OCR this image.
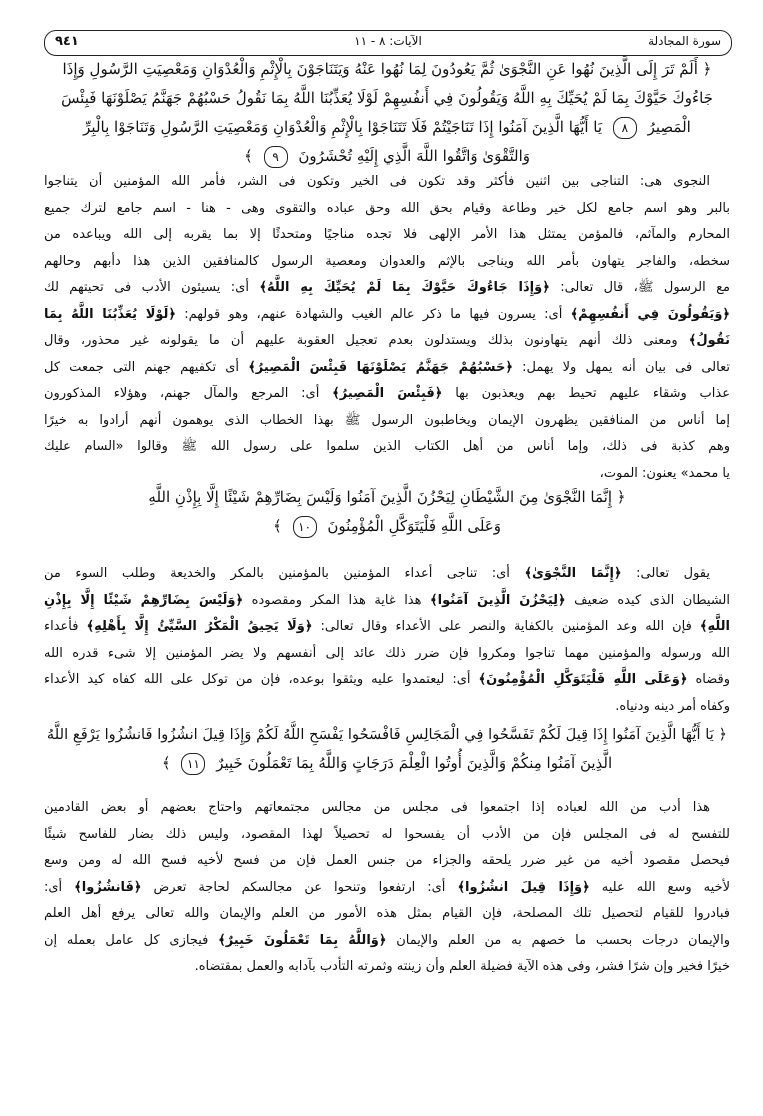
سورة المجادلة
الآيات: ٨ - ١١
٩٤١
﴿ أَلَمْ تَرَ إِلَى الَّذِينَ نُهُوا عَنِ النَّجْوَىٰ ثُمَّ يَعُودُونَ لِمَا نُهُوا عَنْهُ وَيَتَنَاجَوْنَ بِالْإِثْمِ وَالْعُدْوَانِ وَمَعْصِيَتِ الرَّسُولِ وَإِذَا
جَاءُوكَ حَيَّوْكَ بِمَا لَمْ يُحَيِّكَ بِهِ اللَّهُ وَيَقُولُونَ فِي أَنفُسِهِمْ لَوْلَا يُعَذِّبُنَا اللَّهُ بِمَا نَقُولُ حَسْبُهُمْ جَهَنَّمُ يَصْلَوْنَهَا فَبِئْسَ
الْمَصِيرُ ٨ يَا أَيُّهَا الَّذِينَ آمَنُوا إِذَا تَنَاجَيْتُمْ فَلَا تَتَنَاجَوْا بِالْإِثْمِ وَالْعُدْوَانِ وَمَعْصِيَتِ الرَّسُولِ وَتَنَاجَوْا بِالْبِرِّ
وَالتَّقْوَىٰ وَاتَّقُوا اللَّهَ الَّذِي إِلَيْهِ تُحْشَرُونَ ٩ ﴾
النجوى هى: التناجى بين اثنين فأكثر وقد تكون فى الخير وتكون فى الشر، فأمر الله المؤمنين أن يتناجوا
بالبر وهو اسم جامع لكل خير وطاعة وقيام بحق الله وحق عباده والتقوى وهى - هنا - اسم جامع لترك جميع
المحارم والمآثم، فالمؤمن يمتثل هذا الأمر الإلهى فلا تجده مناجيًا ومتحدثًا إلا بما يقربه إلى الله ويباعده من
سخطه، والفاجر يتهاون بأمر الله ويناجى بالإثم والعدوان ومعصية الرسول كالمنافقين الذين هذا دأبهم وحالهم
مع الرسول ﷺ، قال تعالى: ﴿وَإِذَا جَاءُوكَ حَيَّوْكَ بِمَا لَمْ يُحَيِّكَ بِهِ اللَّهُ﴾ أى: يسيئون الأدب فى تحيتهم لك
﴿وَيَقُولُونَ فِي أَنفُسِهِمْ﴾ أى: يسرون فيها ما ذكر عالم الغيب والشهادة عنهم، وهو قولهم: ﴿لَوْلَا يُعَذِّبُنَا اللَّهُ بِمَا
نَقُولُ﴾ ومعنى ذلك أنهم يتهاونون بذلك ويستدلون بعدم تعجيل العقوبة عليهم أن ما يقولونه غير محذور، وقال
تعالى فى بيان أنه يمهل ولا يهمل: ﴿حَسْبُهُمْ جَهَنَّمُ يَصْلَوْنَهَا فَبِئْسَ الْمَصِيرُ﴾ أى تكفيهم جهنم التى جمعت كل
عذاب وشقاء عليهم تحيط بهم ويعذبون بها ﴿فَبِئْسَ الْمَصِيرُ﴾ أى: المرجع والمآل جهنم، وهؤلاء المذكورون
إما أناس من المنافقين يظهرون الإيمان ويخاطبون الرسول ﷺ بهذا الخطاب الذى يوهمون أنهم أرادوا به خيرًا
وهم كذبة فى ذلك، وإما أناس من أهل الكتاب الذين سلموا على رسول الله ﷺ وقالوا «السام عليك
يا محمد» يعنون: الموت،
﴿ إِنَّمَا النَّجْوَىٰ مِنَ الشَّيْطَانِ لِيَحْزُنَ الَّذِينَ آمَنُوا وَلَيْسَ بِضَارِّهِمْ شَيْئًا إِلَّا بِإِذْنِ اللَّهِ
وَعَلَى اللَّهِ فَلْيَتَوَكَّلِ الْمُؤْمِنُونَ ١٠ ﴾
يقول تعالى: ﴿إِنَّمَا النَّجْوَىٰ﴾ أى: تناجى أعداء المؤمنين بالمؤمنين بالمكر والخديعة وطلب السوء من
الشيطان الذى كيده ضعيف ﴿لِيَحْزُنَ الَّذِينَ آمَنُوا﴾ هذا غاية هذا المكر ومقصوده ﴿وَلَيْسَ بِضَارِّهِمْ شَيْئًا إِلَّا بِإِذْنِ
اللَّهِ﴾ فإن الله وعد المؤمنين بالكفاية والنصر على الأعداء وقال تعالى: ﴿وَلَا يَحِيقُ الْمَكْرُ السَّيِّئُ إِلَّا بِأَهْلِهِ﴾ فأعداء
الله ورسوله والمؤمنين مهما تناجوا ومكروا فإن ضرر ذلك عائد إلى أنفسهم ولا يضر المؤمنين إلا شىء قدره الله
وقضاه ﴿وَعَلَى اللَّهِ فَلْيَتَوَكَّلِ الْمُؤْمِنُونَ﴾ أى: ليعتمدوا عليه ويثقوا بوعده، فإن من توكل على الله كفاه كيد الأعداء
وكفاه أمر دينه ودنياه.
﴿ يَا أَيُّهَا الَّذِينَ آمَنُوا إِذَا قِيلَ لَكُمْ تَفَسَّحُوا فِي الْمَجَالِسِ فَافْسَحُوا يَفْسَحِ اللَّهُ لَكُمْ وَإِذَا قِيلَ انشُزُوا فَانشُزُوا يَرْفَعِ اللَّهُ
الَّذِينَ آمَنُوا مِنكُمْ وَالَّذِينَ أُوتُوا الْعِلْمَ دَرَجَاتٍ وَاللَّهُ بِمَا تَعْمَلُونَ خَبِيرٌ ١١ ﴾
هذا أدب من الله لعباده إذا اجتمعوا فى مجلس من مجالس مجتمعاتهم واحتاج بعضهم أو بعض القادمين
للتفسح له فى المجلس فإن من الأدب أن يفسحوا له تحصيلاً لهذا المقصود، وليس ذلك بضار للفاسح شيئًا
فيحصل مقصود أخيه من غير ضرر يلحقه والجزاء من جنس العمل فإن من فسح لأخيه فسح الله له ومن وسع
لأخيه وسع الله عليه ﴿وَإِذَا قِيلَ انشُزُوا﴾ أى: ارتفعوا وتنحوا عن مجالسكم لحاجة تعرض ﴿فَانشُزُوا﴾ أى:
فبادروا للقيام لتحصيل تلك المصلحة، فإن القيام بمثل هذه الأمور من العلم والإيمان والله تعالى يرفع أهل العلم
والإيمان درجات بحسب ما خصهم به من العلم والإيمان ﴿وَاللَّهُ بِمَا تَعْمَلُونَ خَبِيرٌ﴾ فيجازى كل عامل بعمله إن
خيرًا فخير وإن شرًا فشر، وفى هذه الآية فضيلة العلم وأن زينته وثمرته التأدب بآدابه والعمل بمقتضاه.
